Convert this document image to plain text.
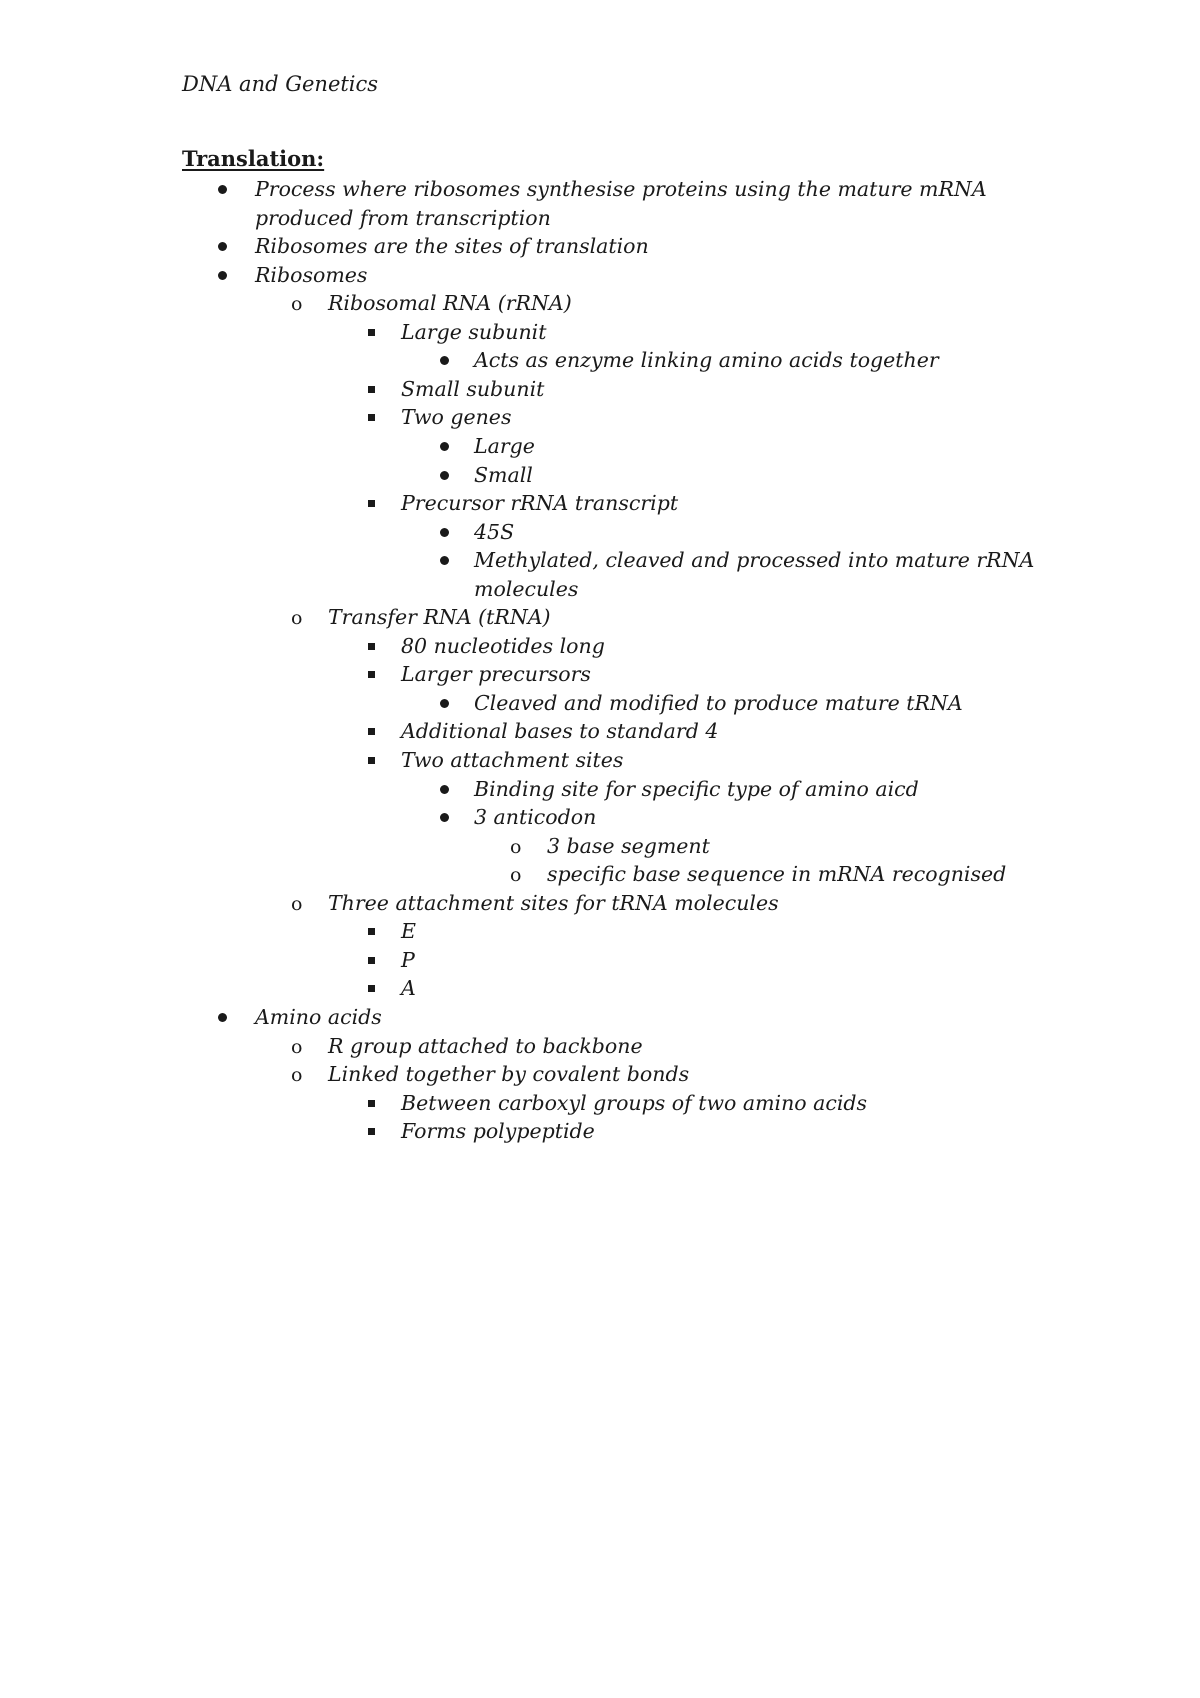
DNA and Genetics
Translation:
Process where ribosomes synthesise proteins using the mature mRNA
produced from transcription
Ribosomes are the sites of translation
Ribosomes
Ribosomal RNA (rRNA)
o
Large subunit
Acts as enzyme linking amino acids together
Small subunit
Two genes
Large
Small
Precursor rRNA transcript
45S
Methylated, cleaved and processed into mature rRNA
molecules
Transfer RNA (tRNA)
o
80 nucleotides long
Larger precursors
Cleaved and modified to produce mature tRNA
Additional bases to standard 4
Two attachment sites
Binding site for specific type of amino aicd
3 anticodon
3 base segment
o
specific base sequence in mRNA recognised
o
Three attachment sites for tRNA molecules
o
E
P
A
Amino acids
R group attached to backbone
o
Linked together by covalent bonds
o
Between carboxyl groups of two amino acids
Forms polypeptide
